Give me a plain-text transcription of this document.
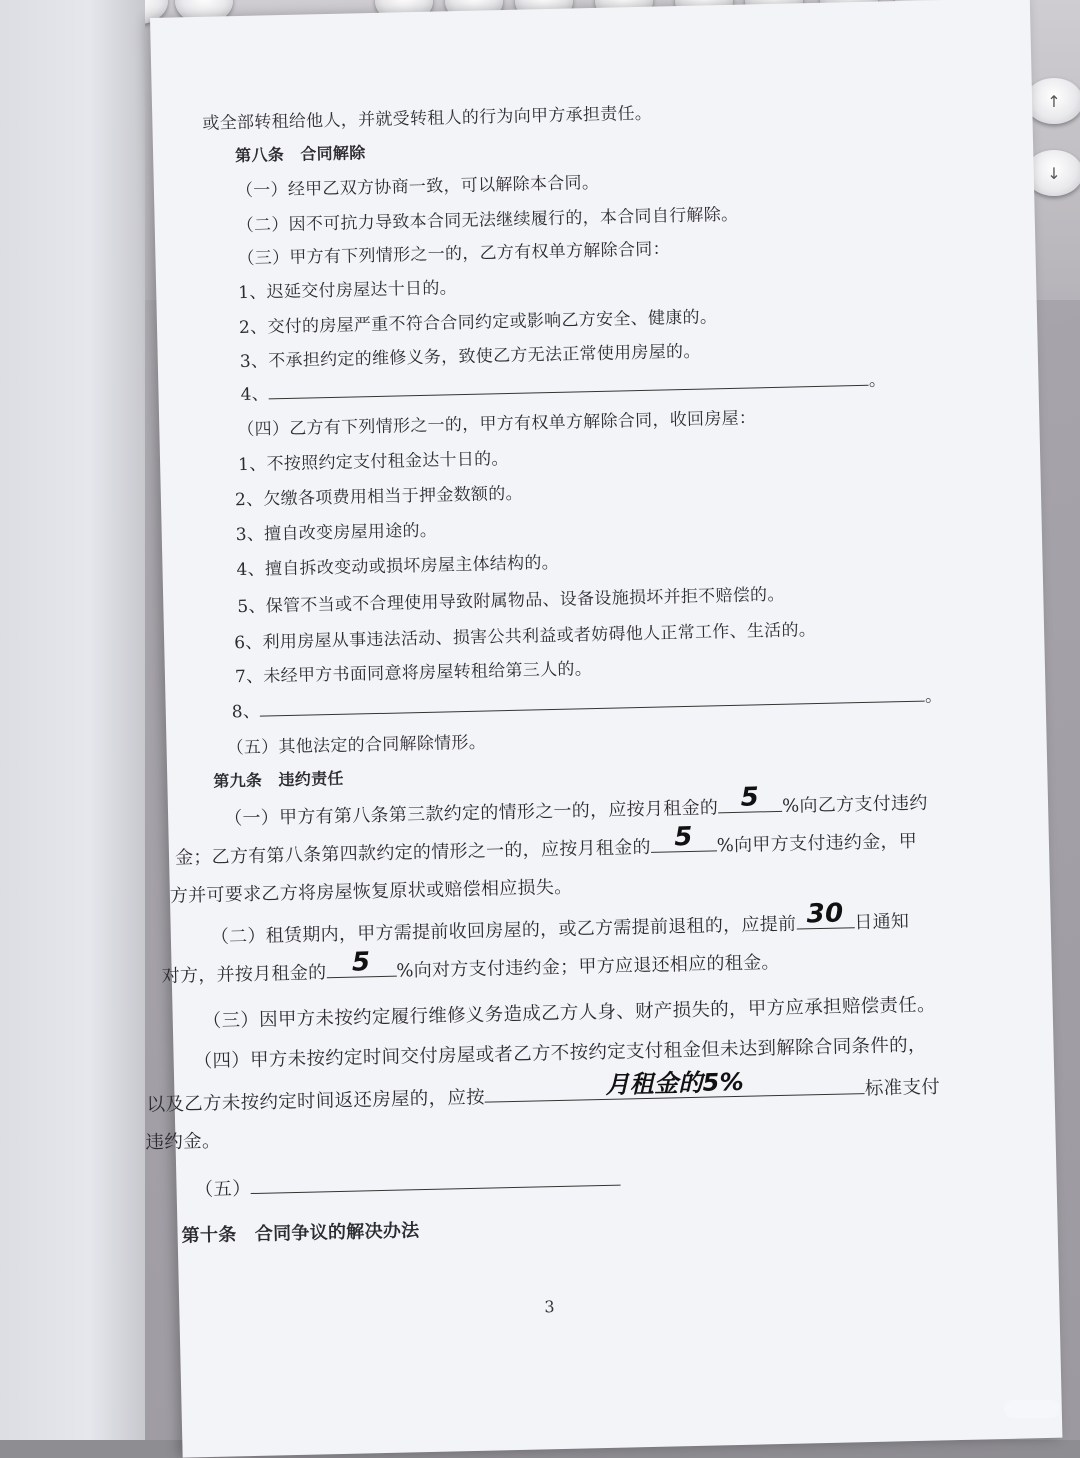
↑
↓
或全部转租给他人，并就受转租人的行为向甲方承担责任。
第八条　合同解除
（一）经甲乙双方协商一致，可以解除本合同。
（二）因不可抗力导致本合同无法继续履行的，本合同自行解除。
（三）甲方有下列情形之一的，乙方有权单方解除合同：
1、迟延交付房屋达十日的。
2、交付的房屋严重不符合合同约定或影响乙方安全、健康的。
3、不承担约定的维修义务，致使乙方无法正常使用房屋的。
4、。
（四）乙方有下列情形之一的，甲方有权单方解除合同，收回房屋：
1、不按照约定支付租金达十日的。
2、欠缴各项费用相当于押金数额的。
3、擅自改变房屋用途的。
4、擅自拆改变动或损坏房屋主体结构的。
5、保管不当或不合理使用导致附属物品、设备设施损坏并拒不赔偿的。
6、利用房屋从事违法活动、损害公共利益或者妨碍他人正常工作、生活的。
7、未经甲方书面同意将房屋转租给第三人的。
8、。
（五）其他法定的合同解除情形。
第九条　违约责任
（一）甲方有第八条第三款约定的情形之一的，应按月租金的 5	%向乙方支付违约
金；乙方有第八条第四款约定的情形之一的，应按月租金的 5	%向甲方支付违约金，甲
方并可要求乙方将房屋恢复原状或赔偿相应损失。
（二）租赁期内，甲方需提前收回房屋的，或乙方需提前退租的，应提前 30 日通知
对方，并按月租金的 5	%向对方支付违约金；甲方应退还相应的租金。
（三）因甲方未按约定履行维修义务造成乙方人身、财产损失的，甲方应承担赔偿责任。
（四）甲方未按约定时间交付房屋或者乙方不按约定支付租金但未达到解除合同条件的，
以及乙方未按约定时间返还房屋的，应按
月租金的5%	标准支付
违约金。
（五）
第十条　合同争议的解决办法
3
